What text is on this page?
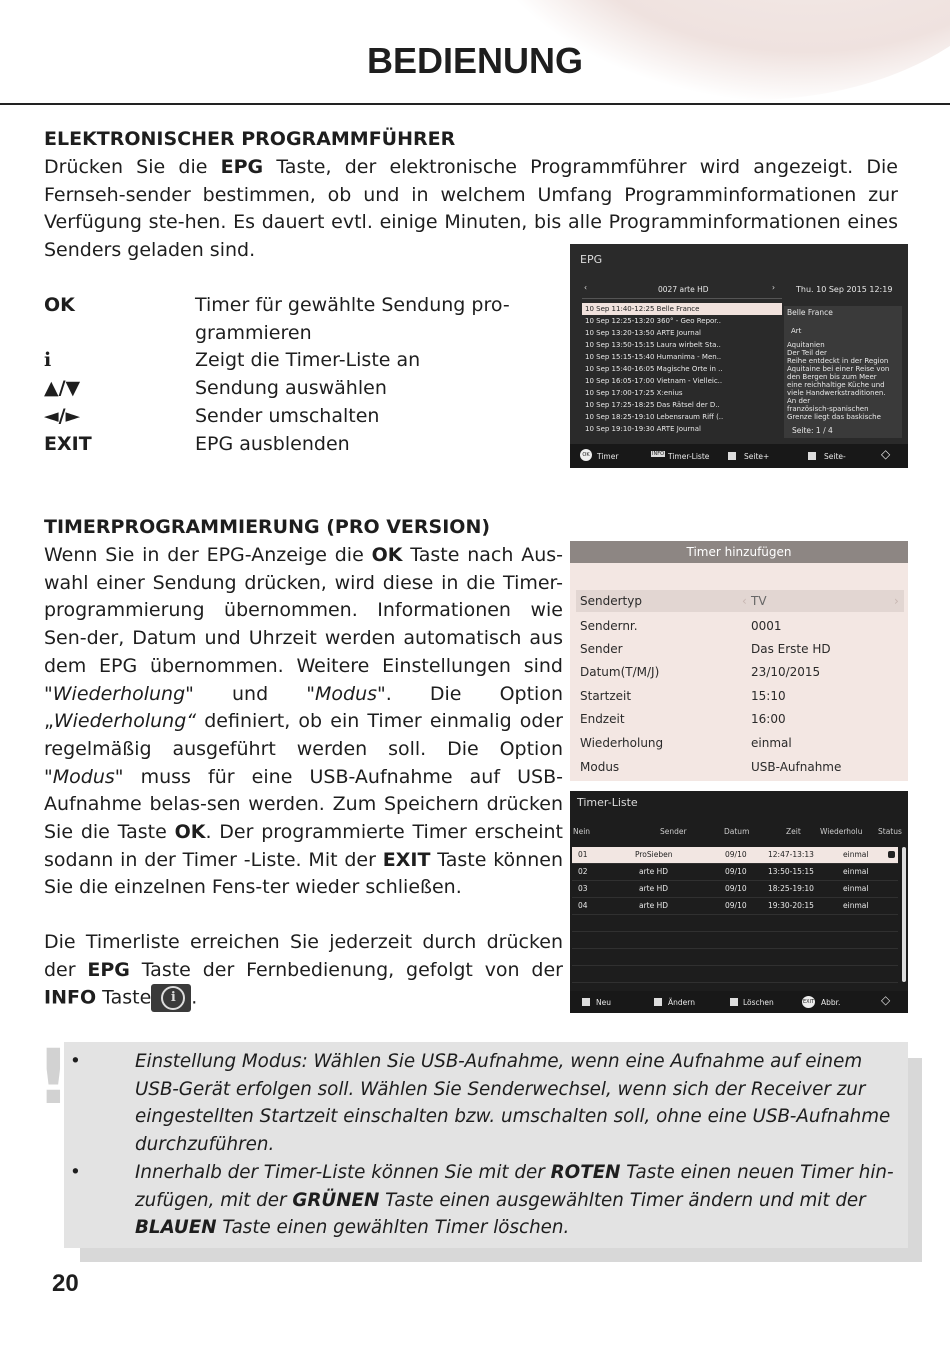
BEDIENUNG
ELEKTRONISCHER PROGRAMMFÜHRER
Drücken Sie die EPG Taste, der elektronische Programmführer wird angezeigt. Die Fernseh-sender bestimmen, ob und in welchem Umfang Programminformationen zur Verfügung ste-hen. Es dauert evtl. einige Minuten, bis alle Programminformationen eines Senders geladen sind.
OK	Timer für gewählte Sendung pro-grammieren
i	Zeigt die Timer-Liste an
▲/▼	Sendung auswählen
◄/►	Sender umschalten
EXIT	EPG ausblenden
EPG
‹	0027 arte HD	›	Thu. 10 Sep 2015 12:19
10 Sep 11:40-12:25 Belle France
10 Sep 12:25-13:20 360° - Geo Repor..
10 Sep 13:20-13:50 ARTE Journal
10 Sep 13:50-15:15 Laura wirbelt Sta..
10 Sep 15:15-15:40 Humanima - Men..
10 Sep 15:40-16:05 Magische Orte in ..
10 Sep 16:05-17:00 Vietnam - Vielleic..
10 Sep 17:00-17:25 X:enius
10 Sep 17:25-18:25 Das Rätsel der D..
10 Sep 18:25-19:10 Lebensraum Riff (..
10 Sep 19:10-19:30 ARTE Journal
Belle France
Art
Aquitanien
Der Teil der
Reihe entdeckt in der Region
Aquitaine bei einer Reise von
den Bergen bis zum Meer
eine reichhaltige Küche und
viele Handwerkstraditionen.
An der
französisch-spanischen
Grenze liegt das baskische
Seite: 1 / 4
OK Timer	INFO Timer-Liste	Seite+	Seite-	◇
TIMERPROGRAMMIERUNG (PRO VERSION)
Wenn Sie in der EPG-Anzeige die OK Taste nach Aus-wahl einer Sendung drücken, wird diese in die Timer-programmierung übernommen. Informationen wie Sen-der, Datum und Uhrzeit werden automatisch aus dem EPG übernommen. Weitere Einstellungen sind "Wiederholung" und "Modus". Die Option „Wiederholung“ definiert, ob ein Timer einmalig oder regelmäßig ausgeführt werden soll. Die Option "Modus" muss für eine USB-Aufnahme auf USB-Aufnahme belas-sen werden. Zum Speichern drücken Sie die Taste OK. Der programmierte Timer erscheint sodann in der Timer -Liste. Mit der EXIT Taste können Sie die einzelnen Fens-ter wieder schließen.
Die Timerliste erreichen Sie jederzeit durch drücken der EPG Taste der Fernbedienung, gefolgt von der INFO Tastei .
Timer hinzufügen
Sendertyp	‹ TV	›
Sendernr.	0001
Sender	Das Erste HD
Datum(T/M/J)	23/10/2015
Startzeit	15:10
Endzeit	16:00
Wiederholung	einmal
Modus	USB-Aufnahme
Timer-Liste
Nein	Sender	Datum	Zeit	Wiederholu Status
01	ProSieben	09/10	12:47-13:13	einmal
02	arte HD	09/10	13:50-15:15	einmal
03	arte HD	09/10	18:25-19:10	einmal
04	arte HD	09/10	19:30-20:15	einmal
Neu	Ändern	Löschen	EXIT Abbr.	◇
•	Einstellung Modus: Wählen Sie USB-Aufnahme, wenn eine Aufnahme auf einem USB-Gerät erfolgen soll. Wählen Sie Senderwechsel, wenn sich der Receiver zur eingestellten Startzeit einschalten bzw. umschalten soll, ohne eine USB-Aufnahme durchzuführen.
•	Innerhalb der Timer-Liste können Sie mit der ROTEN Taste einen neuen Timer hin-zufügen, mit der GRÜNEN Taste einen ausgewählten Timer ändern und mit der BLAUEN Taste einen gewählten Timer löschen.
!
20
